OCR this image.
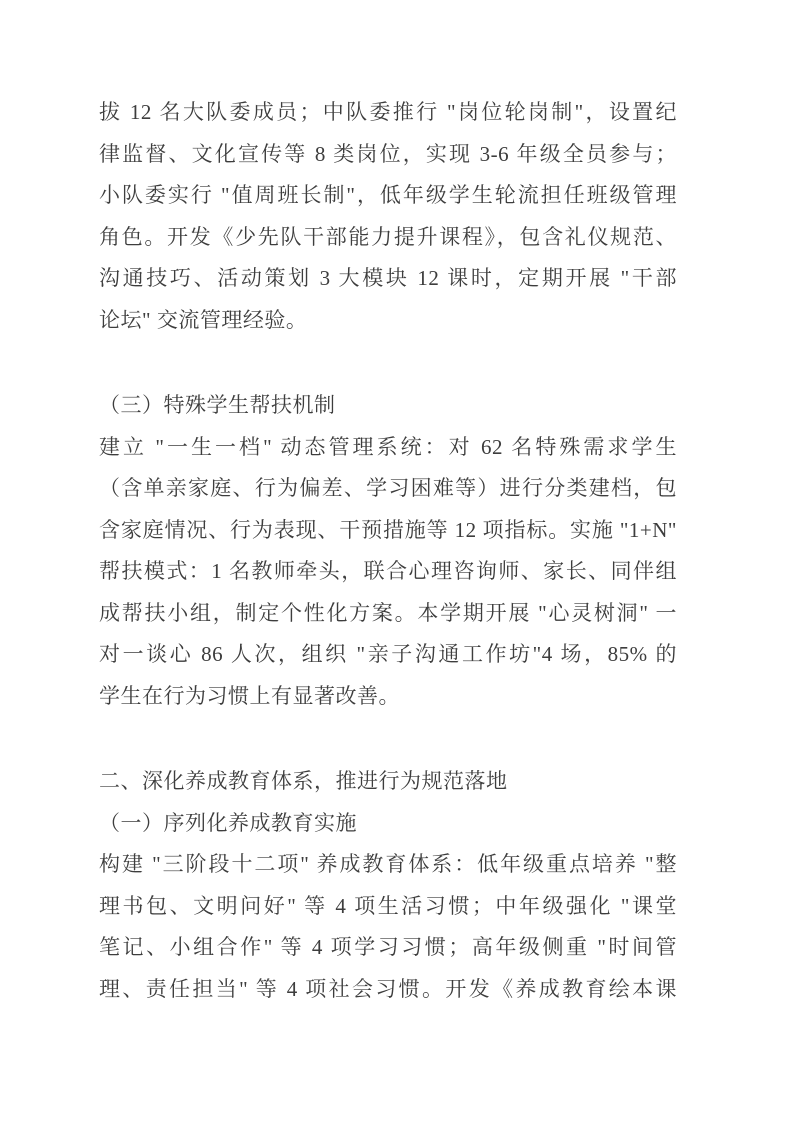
拔 12 名大队委成员；中队委推行 "岗位轮岗制"，设置纪
律监督、文化宣传等 8 类岗位，实现 3-6 年级全员参与；
小队委实行 "值周班长制"，低年级学生轮流担任班级管理
角色。开发《少先队干部能力提升课程》，包含礼仪规范、
沟通技巧、活动策划 3 大模块 12 课时，定期开展 "干部
论坛" 交流管理经验。
（三）特殊学生帮扶机制
建立 "一生一档" 动态管理系统：对 62 名特殊需求学生
（含单亲家庭、行为偏差、学习困难等）进行分类建档，包
含家庭情况、行为表现、干预措施等 12 项指标。实施 "1+N"
帮扶模式：1 名教师牵头，联合心理咨询师、家长、同伴组
成帮扶小组，制定个性化方案。本学期开展 "心灵树洞" 一
对一谈心 86 人次，组织 "亲子沟通工作坊"4 场，85% 的
学生在行为习惯上有显著改善。
二、深化养成教育体系，推进行为规范落地
（一）序列化养成教育实施
构建 "三阶段十二项" 养成教育体系：低年级重点培养 "整
理书包、文明问好" 等 4 项生活习惯；中年级强化 "课堂
笔记、小组合作" 等 4 项学习习惯；高年级侧重 "时间管
理、责任担当" 等 4 项社会习惯。开发《养成教育绘本课
